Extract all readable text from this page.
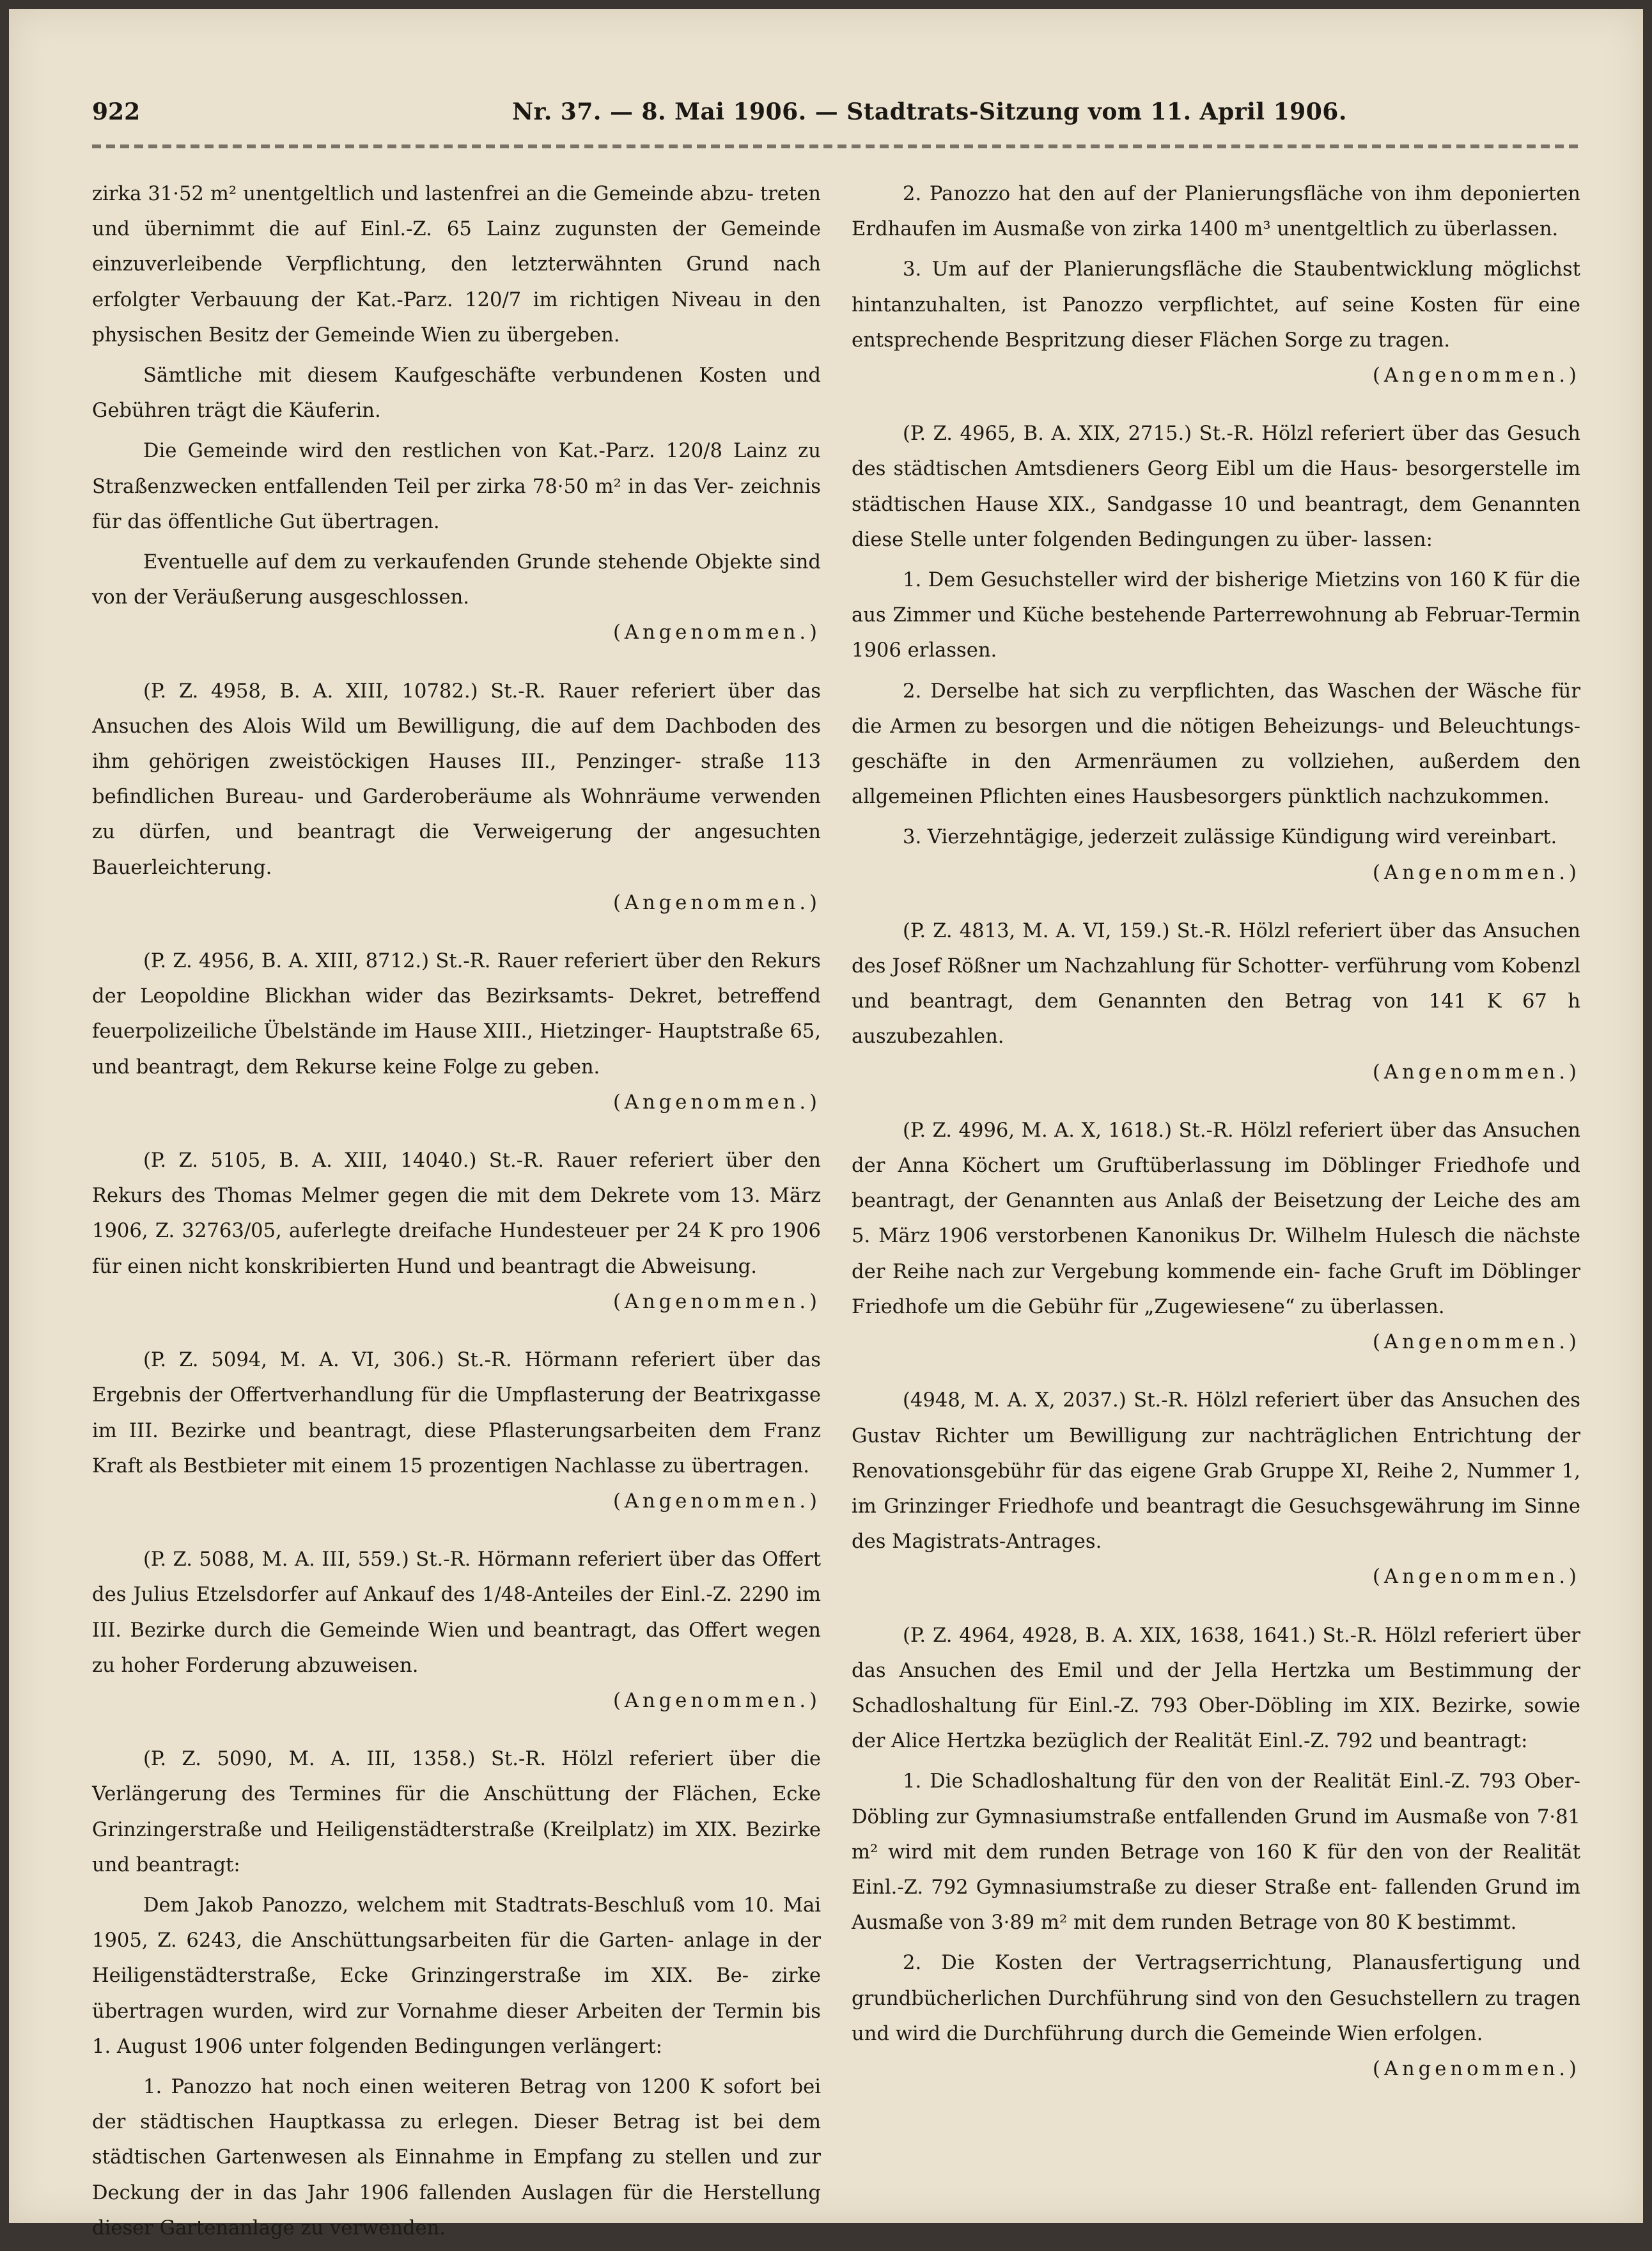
922	Nr. 37. — 8. Mai 1906. — Stadtrats-Sitzung vom 11. April 1906.

zirka 31·52 m² unentgeltlich und lastenfrei an die Gemeinde abzu- treten und übernimmt die auf Einl.-Z. 65 Lainz zugunsten der Gemeinde einzuverleibende Verpflichtung, den letzterwähnten Grund nach erfolgter Verbauung der Kat.-Parz. 120/7 im richtigen Niveau in den physischen Besitz der Gemeinde Wien zu übergeben.

Sämtliche mit diesem Kaufgeschäfte verbundenen Kosten und Gebühren trägt die Käuferin.

Die Gemeinde wird den restlichen von Kat.-Parz. 120/8 Lainz zu Straßenzwecken entfallenden Teil per zirka 78·50 m² in das Ver- zeichnis für das öffentliche Gut übertragen.

Eventuelle auf dem zu verkaufenden Grunde stehende Objekte sind von der Veräußerung ausgeschlossen.

(Angenommen.)

(P. Z. 4958, B. A. XIII, 10782.) St.-R. Rauer referiert über das Ansuchen des Alois Wild um Bewilligung, die auf dem Dachboden des ihm gehörigen zweistöckigen Hauses III., Penzinger- straße 113 befindlichen Bureau- und Garderoberäume als Wohnräume verwenden zu dürfen, und beantragt die Verweigerung der angesuchten Bauerleichterung.

(Angenommen.)

(P. Z. 4956, B. A. XIII, 8712.) St.-R. Rauer referiert über den Rekurs der Leopoldine Blickhan wider das Bezirksamts- Dekret, betreffend feuerpolizeiliche Übelstände im Hause XIII., Hietzinger- Hauptstraße 65, und beantragt, dem Rekurse keine Folge zu geben.

(Angenommen.)

(P. Z. 5105, B. A. XIII, 14040.) St.-R. Rauer referiert über den Rekurs des Thomas Melmer gegen die mit dem Dekrete vom 13. März 1906, Z. 32763/05, auferlegte dreifache Hundesteuer per 24 K pro 1906 für einen nicht konskribierten Hund und beantragt die Abweisung.

(Angenommen.)

(P. Z. 5094, M. A. VI, 306.) St.-R. Hörmann referiert über das Ergebnis der Offertverhandlung für die Umpflasterung der Beatrixgasse im III. Bezirke und beantragt, diese Pflasterungsarbeiten dem Franz Kraft als Bestbieter mit einem 15 prozentigen Nachlasse zu übertragen.

(Angenommen.)

(P. Z. 5088, M. A. III, 559.) St.-R. Hörmann referiert über das Offert des Julius Etzelsdorfer auf Ankauf des 1/48-Anteiles der Einl.-Z. 2290 im III. Bezirke durch die Gemeinde Wien und beantragt, das Offert wegen zu hoher Forderung abzuweisen.

(Angenommen.)

(P. Z. 5090, M. A. III, 1358.) St.-R. Hölzl referiert über die Verlängerung des Termines für die Anschüttung der Flächen, Ecke Grinzingerstraße und Heiligenstädterstraße (Kreilplatz) im XIX. Bezirke und beantragt:

Dem Jakob Panozzo, welchem mit Stadtrats-Beschluß vom 10. Mai 1905, Z. 6243, die Anschüttungsarbeiten für die Garten- anlage in der Heiligenstädterstraße, Ecke Grinzingerstraße im XIX. Be- zirke übertragen wurden, wird zur Vornahme dieser Arbeiten der Termin bis 1. August 1906 unter folgenden Bedingungen verlängert:

1. Panozzo hat noch einen weiteren Betrag von 1200 K sofort bei der städtischen Hauptkassa zu erlegen. Dieser Betrag ist bei dem städtischen Gartenwesen als Einnahme in Empfang zu stellen und zur Deckung der in das Jahr 1906 fallenden Auslagen für die Herstellung dieser Gartenanlage zu verwenden.

2. Panozzo hat den auf der Planierungsfläche von ihm deponierten Erdhaufen im Ausmaße von zirka 1400 m³ unentgeltlich zu überlassen.

3. Um auf der Planierungsfläche die Staubentwicklung möglichst hintanzuhalten, ist Panozzo verpflichtet, auf seine Kosten für eine entsprechende Bespritzung dieser Flächen Sorge zu tragen.

(Angenommen.)

(P. Z. 4965, B. A. XIX, 2715.) St.-R. Hölzl referiert über das Gesuch des städtischen Amtsdieners Georg Eibl um die Haus- besorgerstelle im städtischen Hause XIX., Sandgasse 10 und beantragt, dem Genannten diese Stelle unter folgenden Bedingungen zu über- lassen:

1. Dem Gesuchsteller wird der bisherige Mietzins von 160 K für die aus Zimmer und Küche bestehende Parterrewohnung ab Februar-Termin 1906 erlassen.

2. Derselbe hat sich zu verpflichten, das Waschen der Wäsche für die Armen zu besorgen und die nötigen Beheizungs- und Beleuchtungs- geschäfte in den Armenräumen zu vollziehen, außerdem den allgemeinen Pflichten eines Hausbesorgers pünktlich nachzukommen.

3. Vierzehntägige, jederzeit zulässige Kündigung wird vereinbart.

(Angenommen.)

(P. Z. 4813, M. A. VI, 159.) St.-R. Hölzl referiert über das Ansuchen des Josef Rößner um Nachzahlung für Schotter- verführung vom Kobenzl und beantragt, dem Genannten den Betrag von 141 K 67 h auszubezahlen.

(Angenommen.)

(P. Z. 4996, M. A. X, 1618.) St.-R. Hölzl referiert über das Ansuchen der Anna Köchert um Gruftüberlassung im Döblinger Friedhofe und beantragt, der Genannten aus Anlaß der Beisetzung der Leiche des am 5. März 1906 verstorbenen Kanonikus Dr. Wilhelm Hulesch die nächste der Reihe nach zur Vergebung kommende ein- fache Gruft im Döblinger Friedhofe um die Gebühr für „Zugewiesene“ zu überlassen.

(Angenommen.)

(4948, M. A. X, 2037.) St.-R. Hölzl referiert über das Ansuchen des Gustav Richter um Bewilligung zur nachträglichen Entrichtung der Renovationsgebühr für das eigene Grab Gruppe XI, Reihe 2, Nummer 1, im Grinzinger Friedhofe und beantragt die Gesuchsgewährung im Sinne des Magistrats-Antrages.

(Angenommen.)

(P. Z. 4964, 4928, B. A. XIX, 1638, 1641.) St.-R. Hölzl referiert über das Ansuchen des Emil und der Jella Hertzka um Bestimmung der Schadloshaltung für Einl.-Z. 793 Ober-Döbling im XIX. Bezirke, sowie der Alice Hertzka bezüglich der Realität Einl.-Z. 792 und beantragt:

1. Die Schadloshaltung für den von der Realität Einl.-Z. 793 Ober-Döbling zur Gymnasiumstraße entfallenden Grund im Ausmaße von 7·81 m² wird mit dem runden Betrage von 160 K für den von der Realität Einl.-Z. 792 Gymnasiumstraße zu dieser Straße ent- fallenden Grund im Ausmaße von 3·89 m² mit dem runden Betrage von 80 K bestimmt.

2. Die Kosten der Vertragserrichtung, Planausfertigung und grundbücherlichen Durchführung sind von den Gesuchstellern zu tragen und wird die Durchführung durch die Gemeinde Wien erfolgen.

(Angenommen.)
